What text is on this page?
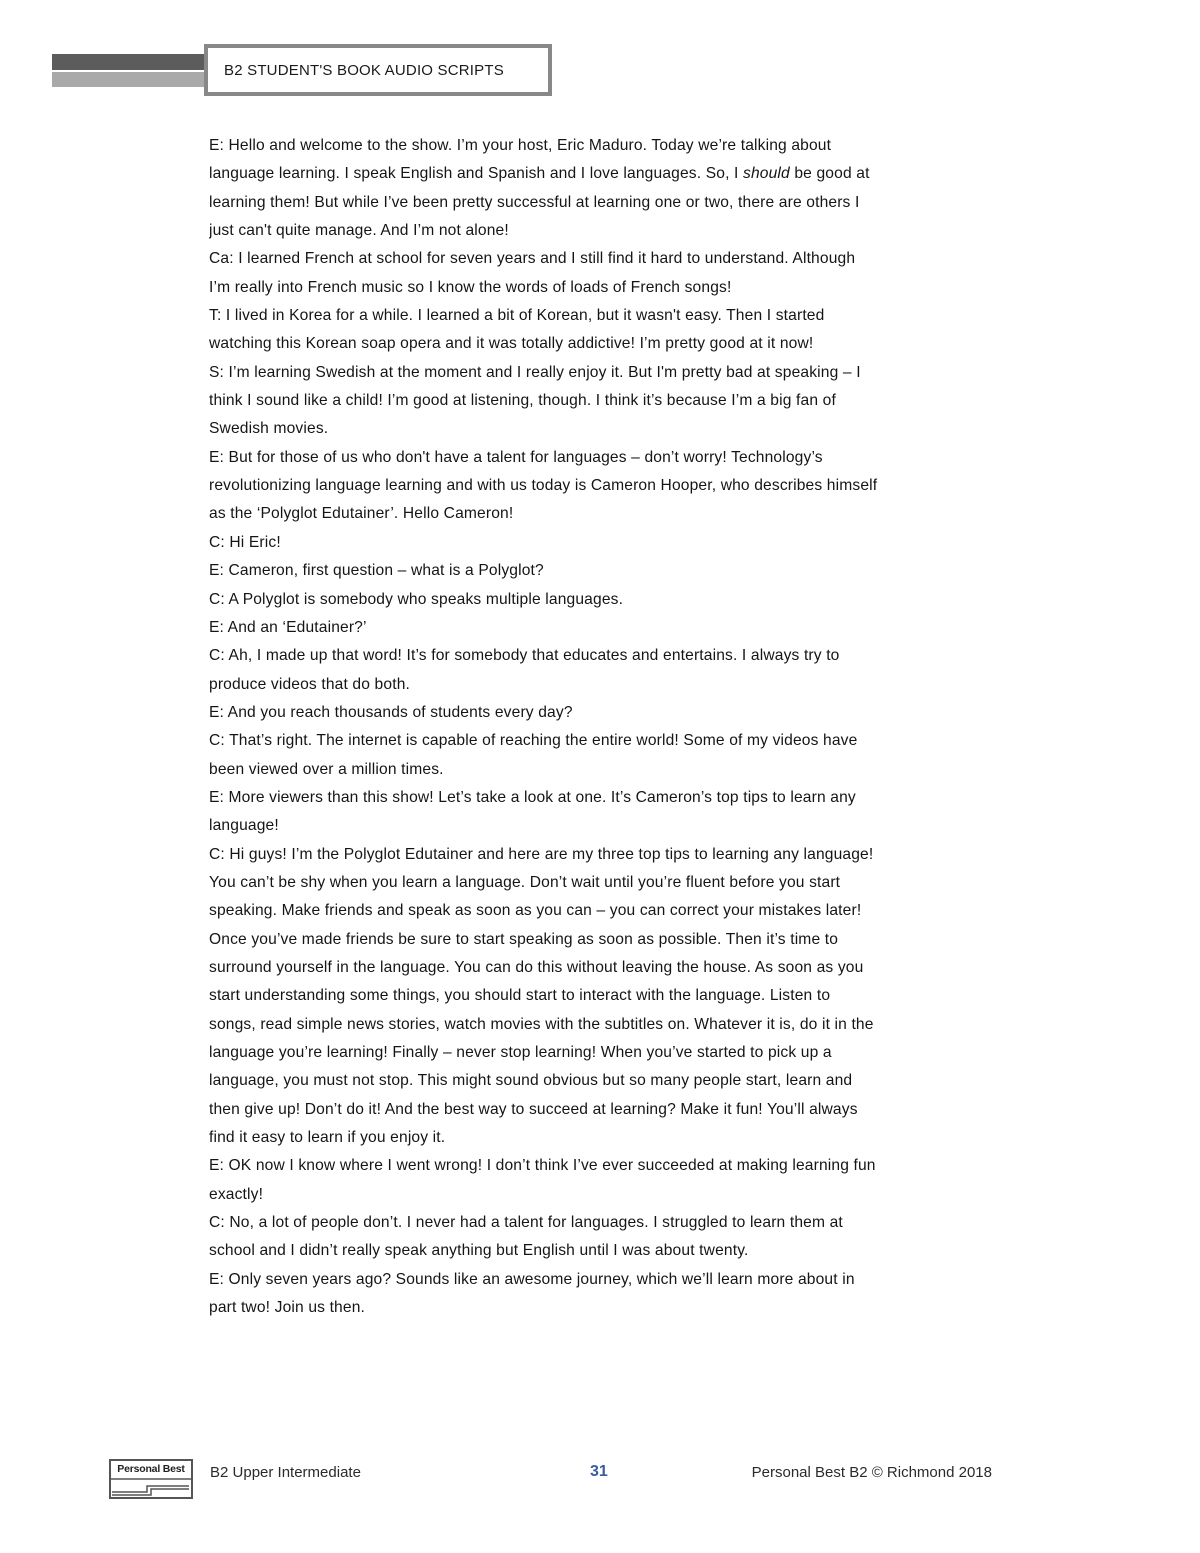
B2 STUDENT'S BOOK AUDIO SCRIPTS
E: Hello and welcome to the show. I’m your host, Eric Maduro. Today we’re talking about
language learning. I speak English and Spanish and I love languages. So, I should be good at
learning them! But while I’ve been pretty successful at learning one or two, there are others I
just can't quite manage. And I’m not alone!
Ca: I learned French at school for seven years and I still find it hard to understand. Although
I’m really into French music so I know the words of loads of French songs!
T: I lived in Korea for a while. I learned a bit of Korean, but it wasn't easy. Then I started
watching this Korean soap opera and it was totally addictive! I’m pretty good at it now!
S: I’m learning Swedish at the moment and I really enjoy it. But I'm pretty bad at speaking – I
think I sound like a child! I’m good at listening, though. I think it’s because I’m a big fan of
Swedish movies.
E: But for those of us who don't have a talent for languages – don’t worry! Technology’s
revolutionizing language learning and with us today is Cameron Hooper, who describes himself
as the ‘Polyglot Edutainer’. Hello Cameron!
C: Hi Eric!
E: Cameron, first question – what is a Polyglot?
C: A Polyglot is somebody who speaks multiple languages.
E: And an ‘Edutainer?’
C: Ah, I made up that word! It’s for somebody that educates and entertains. I always try to
produce videos that do both.
E: And you reach thousands of students every day?
C: That’s right. The internet is capable of reaching the entire world! Some of my videos have
been viewed over a million times.
E: More viewers than this show! Let’s take a look at one. It’s Cameron’s top tips to learn any
language!
C: Hi guys! I’m the Polyglot Edutainer and here are my three top tips to learning any language!
You can’t be shy when you learn a language. Don’t wait until you’re fluent before you start
speaking. Make friends and speak as soon as you can – you can correct your mistakes later!
Once you’ve made friends be sure to start speaking as soon as possible. Then it’s time to
surround yourself in the language. You can do this without leaving the house. As soon as you
start understanding some things, you should start to interact with the language. Listen to
songs, read simple news stories, watch movies with the subtitles on. Whatever it is, do it in the
language you’re learning! Finally – never stop learning! When you’ve started to pick up a
language, you must not stop. This might sound obvious but so many people start, learn and
then give up! Don’t do it! And the best way to succeed at learning? Make it fun! You’ll always
find it easy to learn if you enjoy it.
E: OK now I know where I went wrong! I don’t think I’ve ever succeeded at making learning fun
exactly!
C: No, a lot of people don’t. I never had a talent for languages. I struggled to learn them at
school and I didn’t really speak anything but English until I was about twenty.
E: Only seven years ago? Sounds like an awesome journey, which we’ll learn more about in
part two! Join us then.
Personal Best	B2 Upper Intermediate	31	Personal Best B2 © Richmond 2018
